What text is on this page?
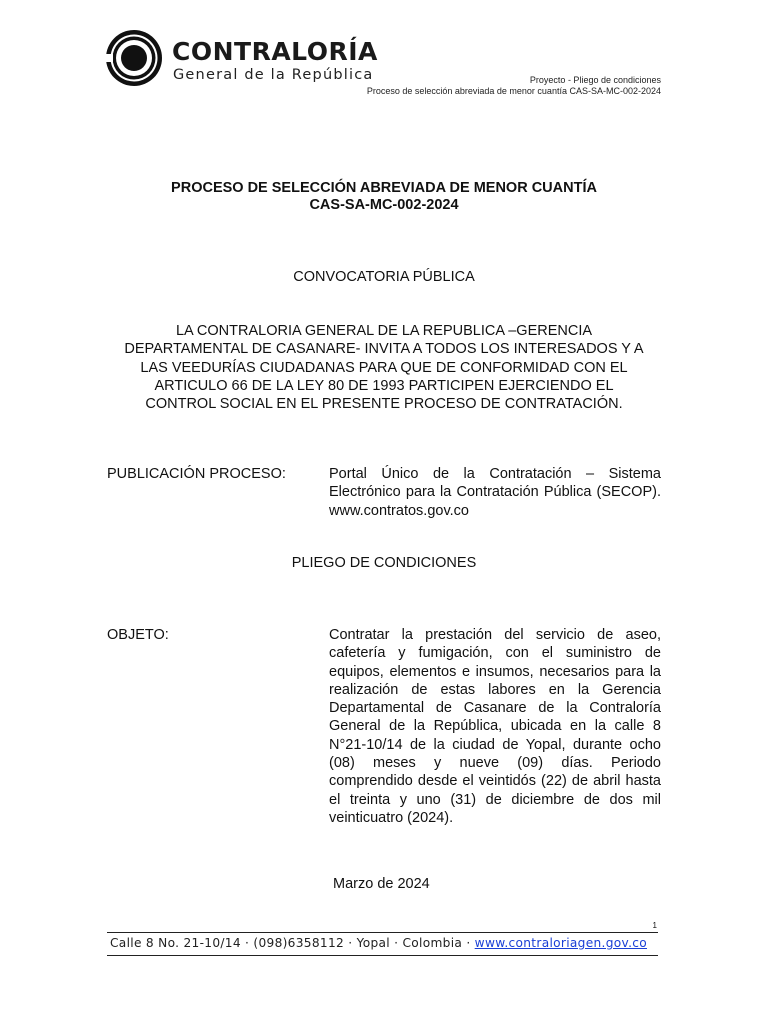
CONTRALORÍA
General de la República	Proyecto - Pliego de condiciones
Proceso de selección abreviada de menor cuantía CAS-SA-MC-002-2024
PROCESO DE SELECCIÓN ABREVIADA DE MENOR CUANTÍA
CAS-SA-MC-002-2024
CONVOCATORIA PÚBLICA
LA CONTRALORIA GENERAL DE LA REPUBLICA –GERENCIA
DEPARTAMENTAL DE CASANARE- INVITA A TODOS LOS INTERESADOS Y A
LAS VEEDURÍAS CIUDADANAS PARA QUE DE CONFORMIDAD CON EL
ARTICULO 66 DE LA LEY 80 DE 1993 PARTICIPEN EJERCIENDO EL
CONTROL SOCIAL EN EL PRESENTE PROCESO DE CONTRATACIÓN.
PUBLICACIÓN PROCESO:	Portal Único de la Contratación – Sistema Electrónico para la Contratación Pública (SECOP). www.contratos.gov.co
PLIEGO DE CONDICIONES
OBJETO:	Contratar la prestación del servicio de aseo, cafetería y fumigación, con el suministro de equipos, elementos e insumos, necesarios para la realización de estas labores en la Gerencia Departamental de Casanare de la Contraloría General de la República, ubicada en la calle 8 N°21-10/14 de la ciudad de Yopal, durante ocho (08) meses y nueve (09) días. Periodo comprendido desde el veintidós (22) de abril hasta el treinta y uno (31) de diciembre de dos mil veinticuatro (2024).
Marzo de 2024
1
Calle 8 No. 21-10/14 · (098)6358112 · Yopal · Colombia · www.contraloriagen.gov.co
